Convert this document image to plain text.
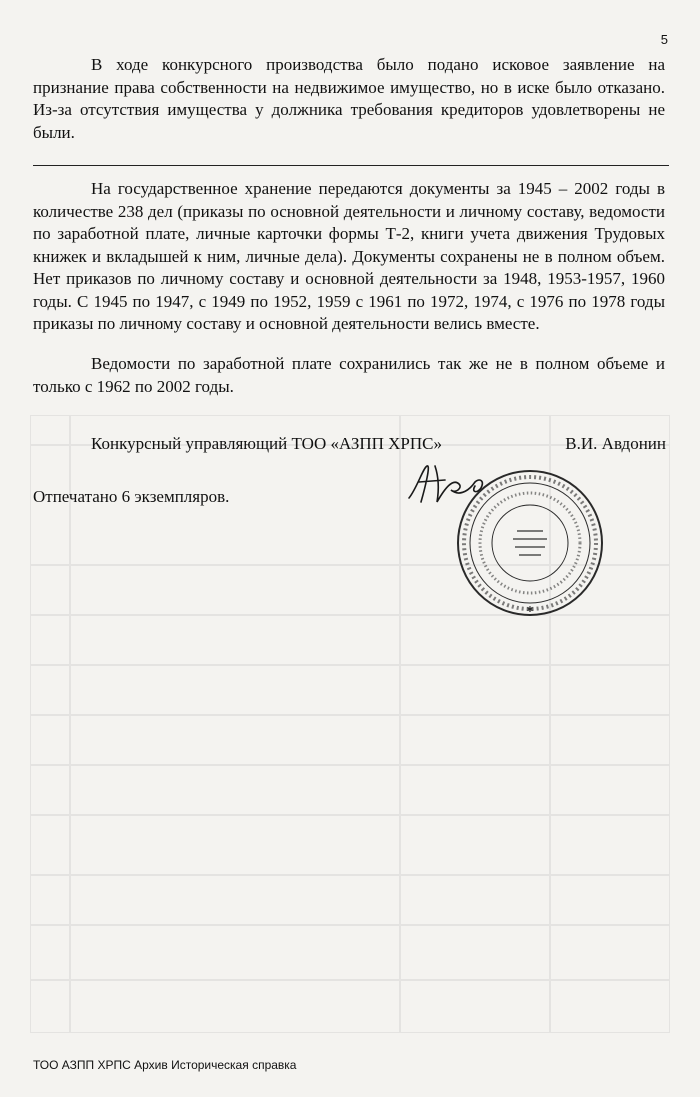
5

В ходе конкурсного производства было подано исковое заявление на признание права собственности на недвижимое имущество, но в иске было отказано. Из-за отсутствия имущества у должника требования кредиторов удовлетворены не были.

На государственное хранение передаются документы за 1945 – 2002 годы в количестве 238 дел (приказы по основной деятельности и личному составу, ведомости по заработной плате, личные карточки формы Т-2, книги учета движения Трудовых книжек и вкладышей к ним, личные дела). Документы сохранены не в полном объем. Нет приказов по личному составу и основной деятельности за 1948, 1953-1957, 1960 годы. С 1945 по 1947, с 1949 по 1952, 1959 с 1961 по 1972, 1974, с 1976 по 1978 годы приказы по личному составу и основной деятельности велись вместе.

Ведомости по заработной плате сохранились так же не в полном объеме и только с 1962 по 2002 годы.

Конкурсный управляющий ТОО «АЗПП ХРПС»	В.И. Авдонин
✱
Отпечатано 6 экземпляров.
ТОО АЗПП ХРПС Архив Историческая справка
